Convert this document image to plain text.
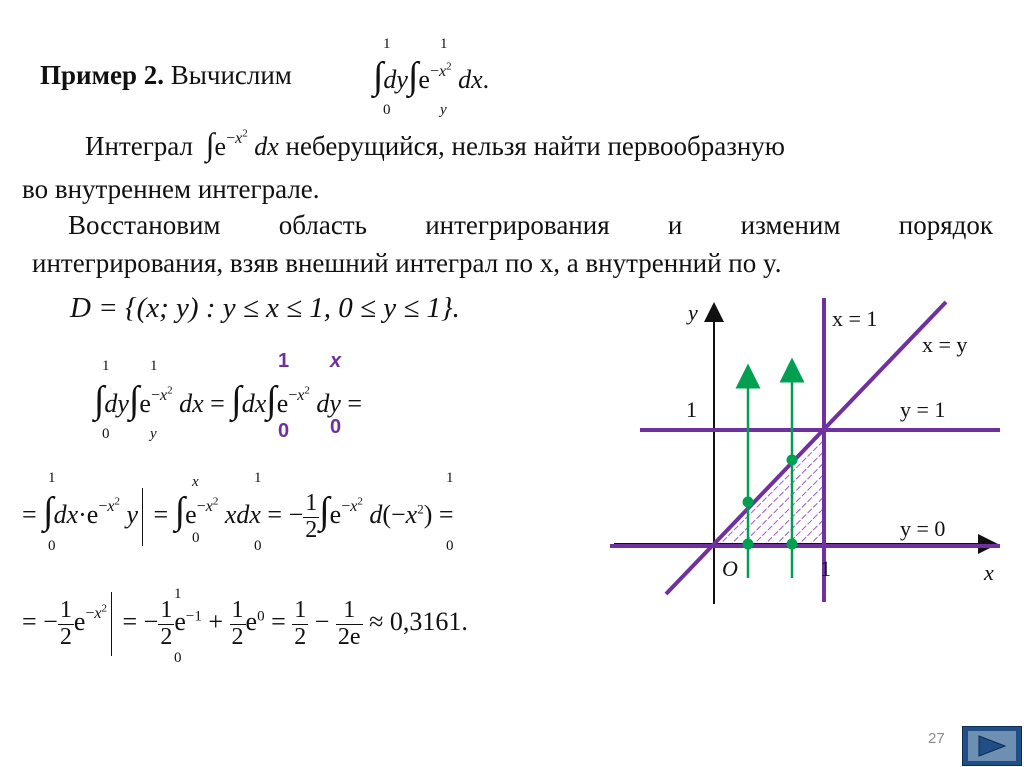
Пример 2. Вычислим
1
0
1
y
$\int dy\int e^{-x^2}$ dx.
Интеграл $\int e^{-x^2}$ dx неберущийся, нельзя найти первообразную
во внутреннем интеграле.
Восстановим область интегрирования и изменим порядок
интегрирования, взяв внешний интеграл по x, а внутренний по y.
D = {(x; y) : y ≤ x ≤ 1, 0 ≤ y ≤ 1}.
1 x
0 0
1
0
1
y
$\int dy\int e^{-x^2}$ dx = $\int dx\int e^{-x^2}$ dy =
1
0
x
0
1
0
1
0
= $\int dx\cdot e^{-x^2}$ $y = \int e^{-x^2}$ xdx = − $\frac{1}{2} \int e^{-x^2}$ $d(-x^2)$ =
1
0
= − $\frac{1}{2} e^{-x^2}$ = − $\frac{1}{2} e^{-1} + \frac{1}{2} e^0 = \frac{1}{2} - \frac{1}{2e} \approx 0,3161$.
y
x
O	1
1
x = 1
x = y
y = 1
y = 0
27
